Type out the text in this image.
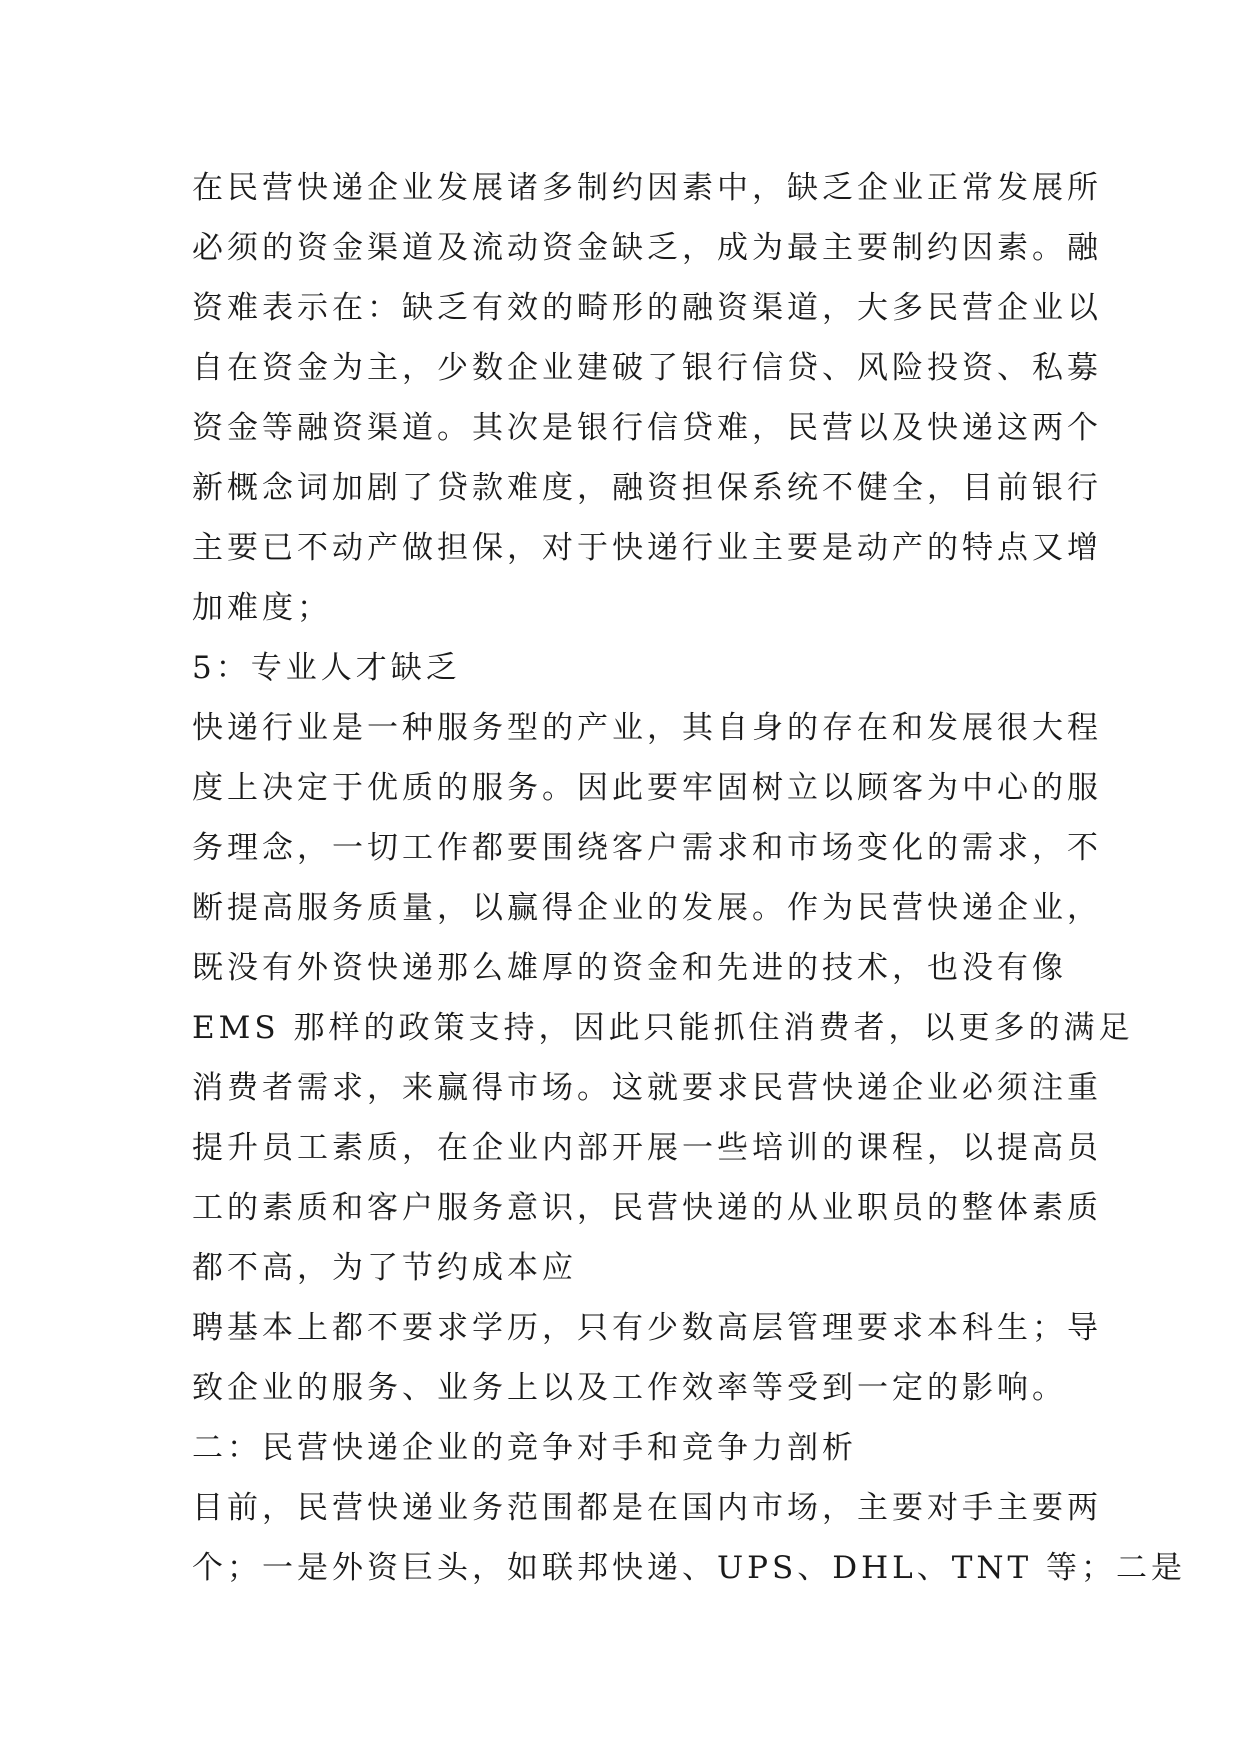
在民营快递企业发展诸多制约因素中，缺乏企业正常发展所
必须的资金渠道及流动资金缺乏，成为最主要制约因素。融
资难表示在：缺乏有效的畸形的融资渠道，大多民营企业以
自在资金为主，少数企业建破了银行信贷、风险投资、私募
资金等融资渠道。其次是银行信贷难，民营以及快递这两个
新概念词加剧了贷款难度，融资担保系统不健全，目前银行
主要已不动产做担保，对于快递行业主要是动产的特点又增
加难度；
5：专业人才缺乏
快递行业是一种服务型的产业，其自身的存在和发展很大程
度上决定于优质的服务。因此要牢固树立以顾客为中心的服
务理念，一切工作都要围绕客户需求和市场变化的需求，不
断提高服务质量，以赢得企业的发展。作为民营快递企业，
既没有外资快递那么雄厚的资金和先进的技术，也没有像
EMS 那样的政策支持，因此只能抓住消费者，以更多的满足
消费者需求，来赢得市场。这就要求民营快递企业必须注重
提升员工素质，在企业内部开展一些培训的课程，以提高员
工的素质和客户服务意识，民营快递的从业职员的整体素质
都不高，为了节约成本应
聘基本上都不要求学历，只有少数高层管理要求本科生；导
致企业的服务、业务上以及工作效率等受到一定的影响。
二：民营快递企业的竞争对手和竞争力剖析
目前，民营快递业务范围都是在国内市场，主要对手主要两
个；一是外资巨头，如联邦快递、UPS、DHL、TNT 等；二是
